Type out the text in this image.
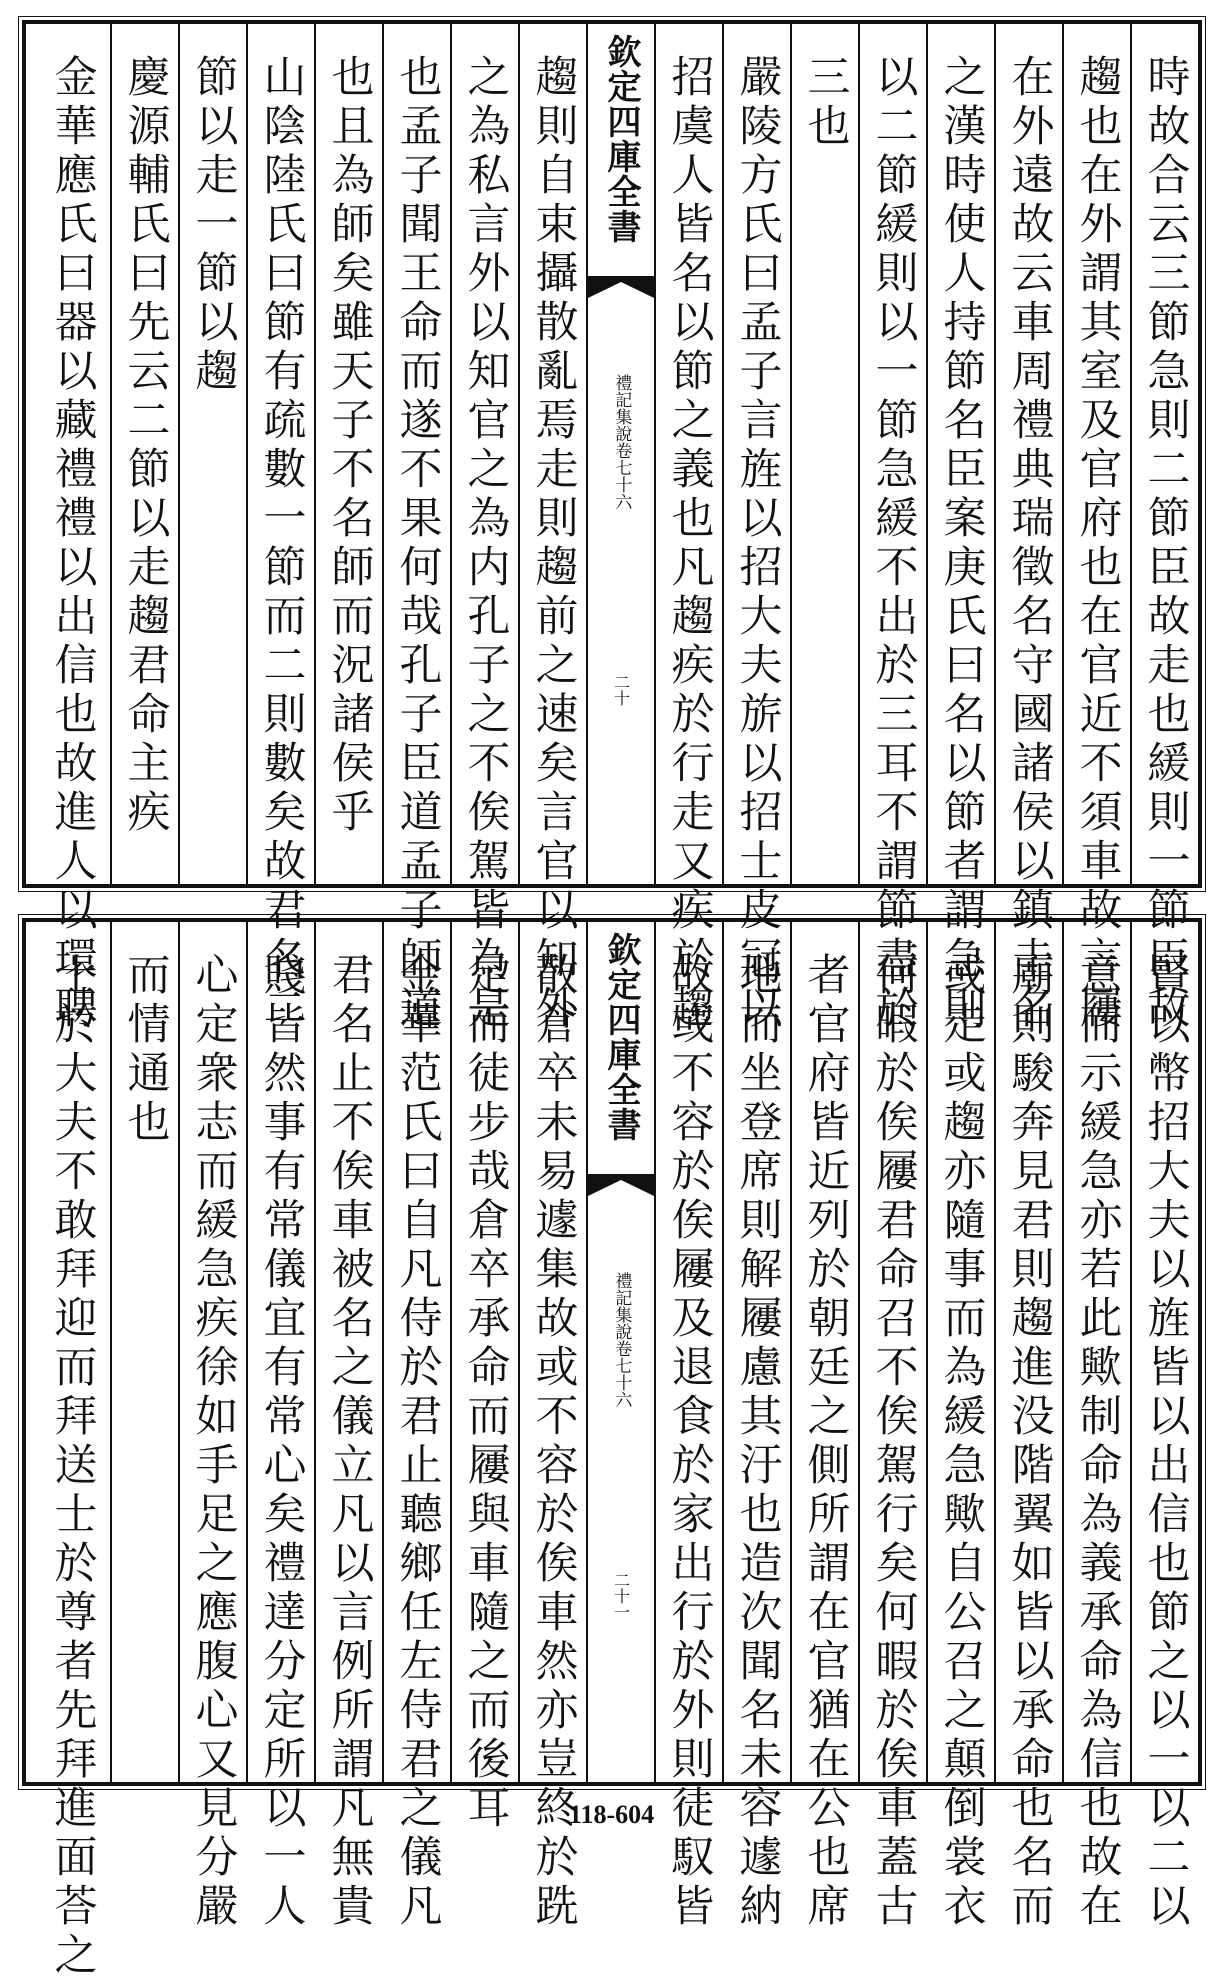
時故合云三節急則二節臣故走也緩則一節臣故
趨也在外謂其室及官府也在官近不須車故言屨
在外遠故云車周禮典瑞徵名守國諸侯以鎮圭名
之漢時使人持節名臣案庚氏曰名以節者謂急則
以二節緩則以一節急緩不出於三耳不謂節盡於
三也
嚴陵方氏曰孟子言旌以招大夫旂以招士皮冠以
招虞人皆名以節之義也凡趨疾於行走又疾於趨
欽定四庫全書
禮記集說
卷七十六
二十
趨則自束攝散亂焉走則趨前之速矣言官以知外
之為私言外以知官之為内孔子之不俟駕皆為是
也孟子聞王命而遂不果何哉孔子臣道孟子師道
也且為師矣雖天子不名師而況諸侯乎
山陰陸氏曰節有疏數一節而二則數矣故君名二
節以走一節以趨
慶源輔氏曰先云二節以走趨君命主疾
金華應氏曰器以藏禮禮以出信也故進人以環聘
賢以幣招大夫以旌皆以出信也節之以一以二以
意而示緩急亦若此歟制命為義承命為信也故在
廟則駿奔見君則趨進没階翼如皆以承命也名而
或走或趨亦隨事而為緩急歟自公召之顛倒裳衣
何暇於俟屨君命召不俟駕行矣何暇於俟車蓋古
者官府皆近列於朝廷之側所謂在官猶在公也席
地而坐登席則解屨慮其汙也造次聞名未容遽納
故或不容於俟屨及退食於家出行於外則徒馭皆
欽定四庫全書
禮記集說
卷七十六
二十一
散倉卒未易遽集故或不容於俟車然亦豈終於跣
足而徒步哉倉卒承命而屨與車隨之而後耳
金華范氏曰自凡侍於君止聽鄉任左侍君之儀凡
君名止不俟車被名之儀立凡以言例所謂凡無貴
賤皆然事有常儀宜有常心矣禮達分定所以一人
心定衆志而緩急疾徐如手足之應腹心又見分嚴
而情通也
士於大夫不敢拜迎而拜送士於尊者先拜進面荅之	118-604
